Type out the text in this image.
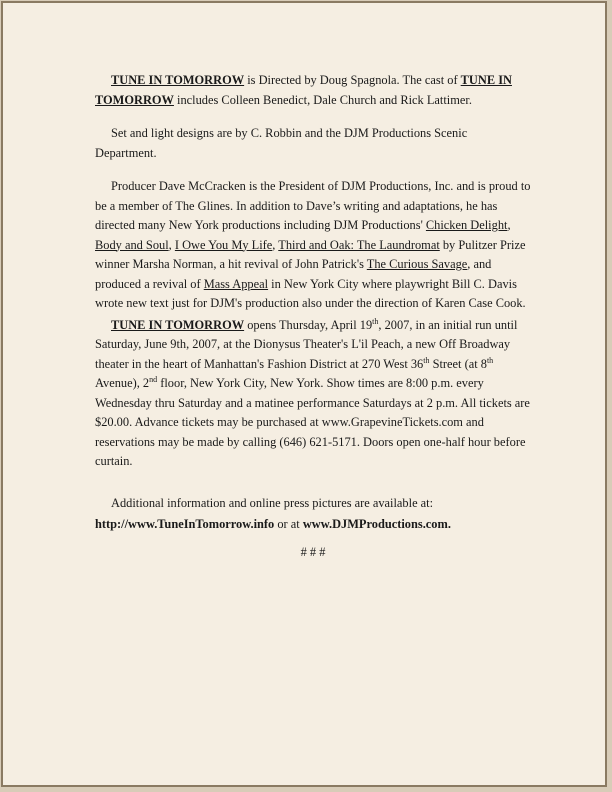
TUNE IN TOMORROW is Directed by Doug Spagnola. The cast of TUNE IN TOMORROW includes Colleen Benedict, Dale Church and Rick Lattimer.

Set and light designs are by C. Robbin and the DJM Productions Scenic Department.

Producer Dave McCracken is the President of DJM Productions, Inc. and is proud to be a member of The Glines. In addition to Dave’s writing and adaptations, he has directed many New York productions including DJM Productions' Chicken Delight, Body and Soul, I Owe You My Life, Third and Oak: The Laundromat by Pulitzer Prize winner Marsha Norman, a hit revival of John Patrick's The Curious Savage, and produced a revival of Mass Appeal in New York City where playwright Bill C. Davis wrote new text just for DJM's production also under the direction of Karen Case Cook.

TUNE IN TOMORROW opens Thursday, April 19th, 2007, in an initial run until Saturday, June 9th, 2007, at the Dionysus Theater's L'il Peach, a new Off Broadway theater in the heart of Manhattan's Fashion District at 270 West 36th Street (at 8th Avenue), 2nd floor, New York City, New York. Show times are 8:00 p.m. every Wednesday thru Saturday and a matinee performance Saturdays at 2 p.m. All tickets are $20.00. Advance tickets may be purchased at www.GrapevineTickets.com and reservations may be made by calling (646) 621-5171. Doors open one-half hour before curtain.

Additional information and online press pictures are available at:

http://www.TuneInTomorrow.info or at www.DJMProductions.com.

# # #
